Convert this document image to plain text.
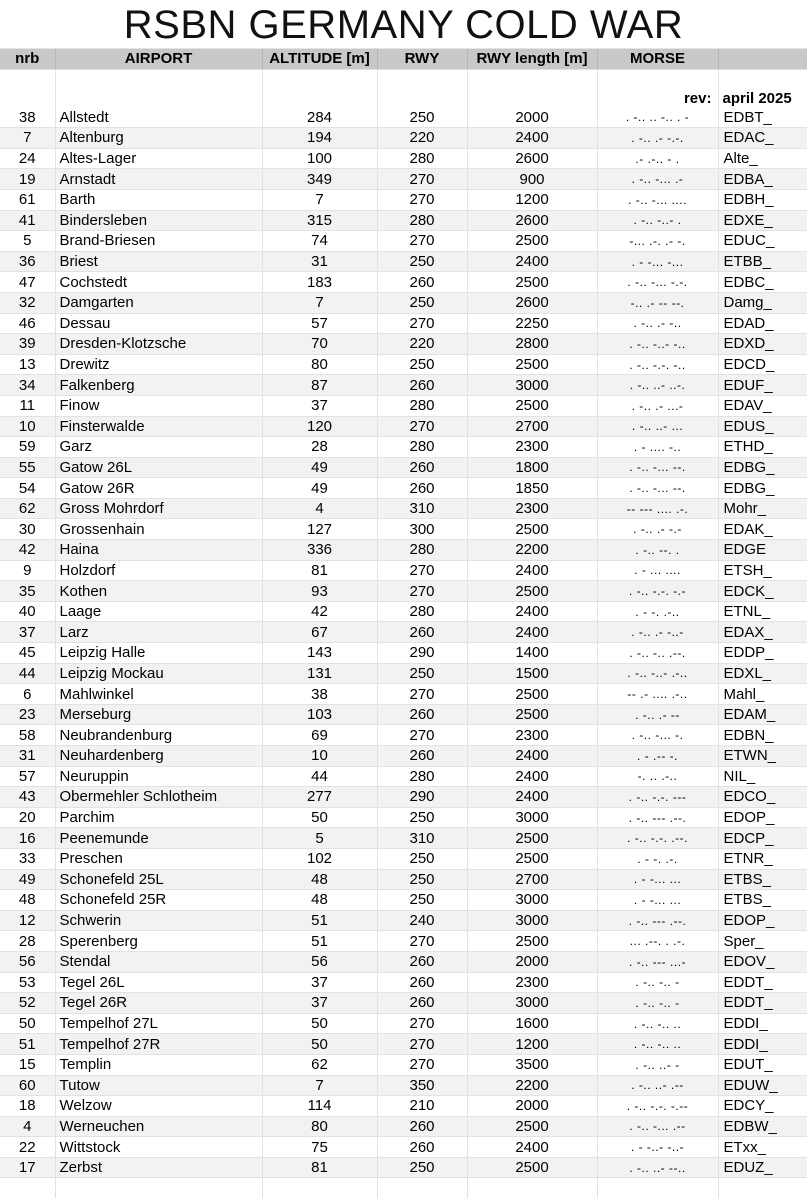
RSBN GERMANY COLD WAR

					rev:	april 2025
nrb	AIRPORT	ALTITUDE [m]	RWY	RWY length [m]	MORSE	
38	Allstedt	284	250	2000	. -.. .. -.. . -	EDBT_
7	Altenburg	194	220	2400	. -.. .- -.-.	EDAC_
24	Altes-Lager	100	280	2600	.- .-.. - .	Alte_
19	Arnstadt	349	270	900	. -.. -... .-	EDBA_
61	Barth	7	270	1200	. -.. -... ....	EDBH_
41	Bindersleben	315	280	2600	. -.. -..- .	EDXE_
5	Brand-Briesen	74	270	2500	-... .-. .- -.	EDUC_
36	Briest	31	250	2400	. - -... -...	ETBB_
47	Cochstedt	183	260	2500	. -.. -... -.-.	EDBC_
32	Damgarten	7	250	2600	-.. .- -- --.	Damg_
46	Dessau	57	270	2250	. -.. .- -..	EDAD_
39	Dresden-Klotzsche	70	220	2800	. -.. -..- -..	EDXD_
13	Drewitz	80	250	2500	. -.. -.-. -..	EDCD_
34	Falkenberg	87	260	3000	. -.. ..- ..-.	EDUF_
11	Finow	37	280	2500	. -.. .- ...-	EDAV_
10	Finsterwalde	120	270	2700	. -.. ..- ...	EDUS_
59	Garz	28	280	2300	. - .... -..	ETHD_
55	Gatow 26L	49	260	1800	. -.. -... --.	EDBG_
54	Gatow 26R	49	260	1850	. -.. -... --.	EDBG_
62	Gross Mohrdorf	4	310	2300	-- --- .... .-.	Mohr_
30	Grossenhain	127	300	2500	. -.. .- -.-	EDAK_
42	Haina	336	280	2200	. -.. --. .	EDGE
9	Holzdorf	81	270	2400	. - ... ....	ETSH_
35	Kothen	93	270	2500	. -.. -.-. -.-	EDCK_
40	Laage	42	280	2400	. - -. .-..	ETNL_
37	Larz	67	260	2400	. -.. .- -..-	EDAX_
45	Leipzig Halle	143	290	1400	. -.. -.. .--.	EDDP_
44	Leipzig Mockau	131	250	1500	. -.. -..- .-..	EDXL_
6	Mahlwinkel	38	270	2500	-- .- .... .-..	Mahl_
23	Merseburg	103	260	2500	. -.. .- --	EDAM_
58	Neubrandenburg	69	270	2300	. -.. -... -.	EDBN_
31	Neuhardenberg	10	260	2400	. - .-- -.	ETWN_
57	Neuruppin	44	280	2400	-. .. .-..	NIL_
43	Obermehler Schlotheim	277	290	2400	. -.. -.-. ---	EDCO_
20	Parchim	50	250	3000	. -.. --- .--.	EDOP_
16	Peenemunde	5	310	2500	. -.. -.-. .--.	EDCP_
33	Preschen	102	250	2500	. - -. .-.	ETNR_
49	Schonefeld 25L	48	250	2700	. - -... ...	ETBS_
48	Schonefeld 25R	48	250	3000	. - -... ...	ETBS_
12	Schwerin	51	240	3000	. -.. --- .--.	EDOP_
28	Sperenberg	51	270	2500	... .--. . .-.	Sper_
56	Stendal	56	260	2000	. -.. --- ...-	EDOV_
53	Tegel 26L	37	260	2300	. -.. -.. -	EDDT_
52	Tegel 26R	37	260	3000	. -.. -.. -	EDDT_
50	Tempelhof 27L	50	270	1600	. -.. -.. ..	EDDI_
51	Tempelhof 27R	50	270	1200	. -.. -.. ..	EDDI_
15	Templin	62	270	3500	. -.. ..- -	EDUT_
60	Tutow	7	350	2200	. -.. ..- .--	EDUW_
18	Welzow	114	210	2000	. -.. -.-. -.--	EDCY_
4	Werneuchen	80	260	2500	. -.. -... .--	EDBW_
22	Wittstock	75	260	2400	. - -..- -..-	ETxx_
17	Zerbst	81	250	2500	. -.. ..- --..	EDUZ_
